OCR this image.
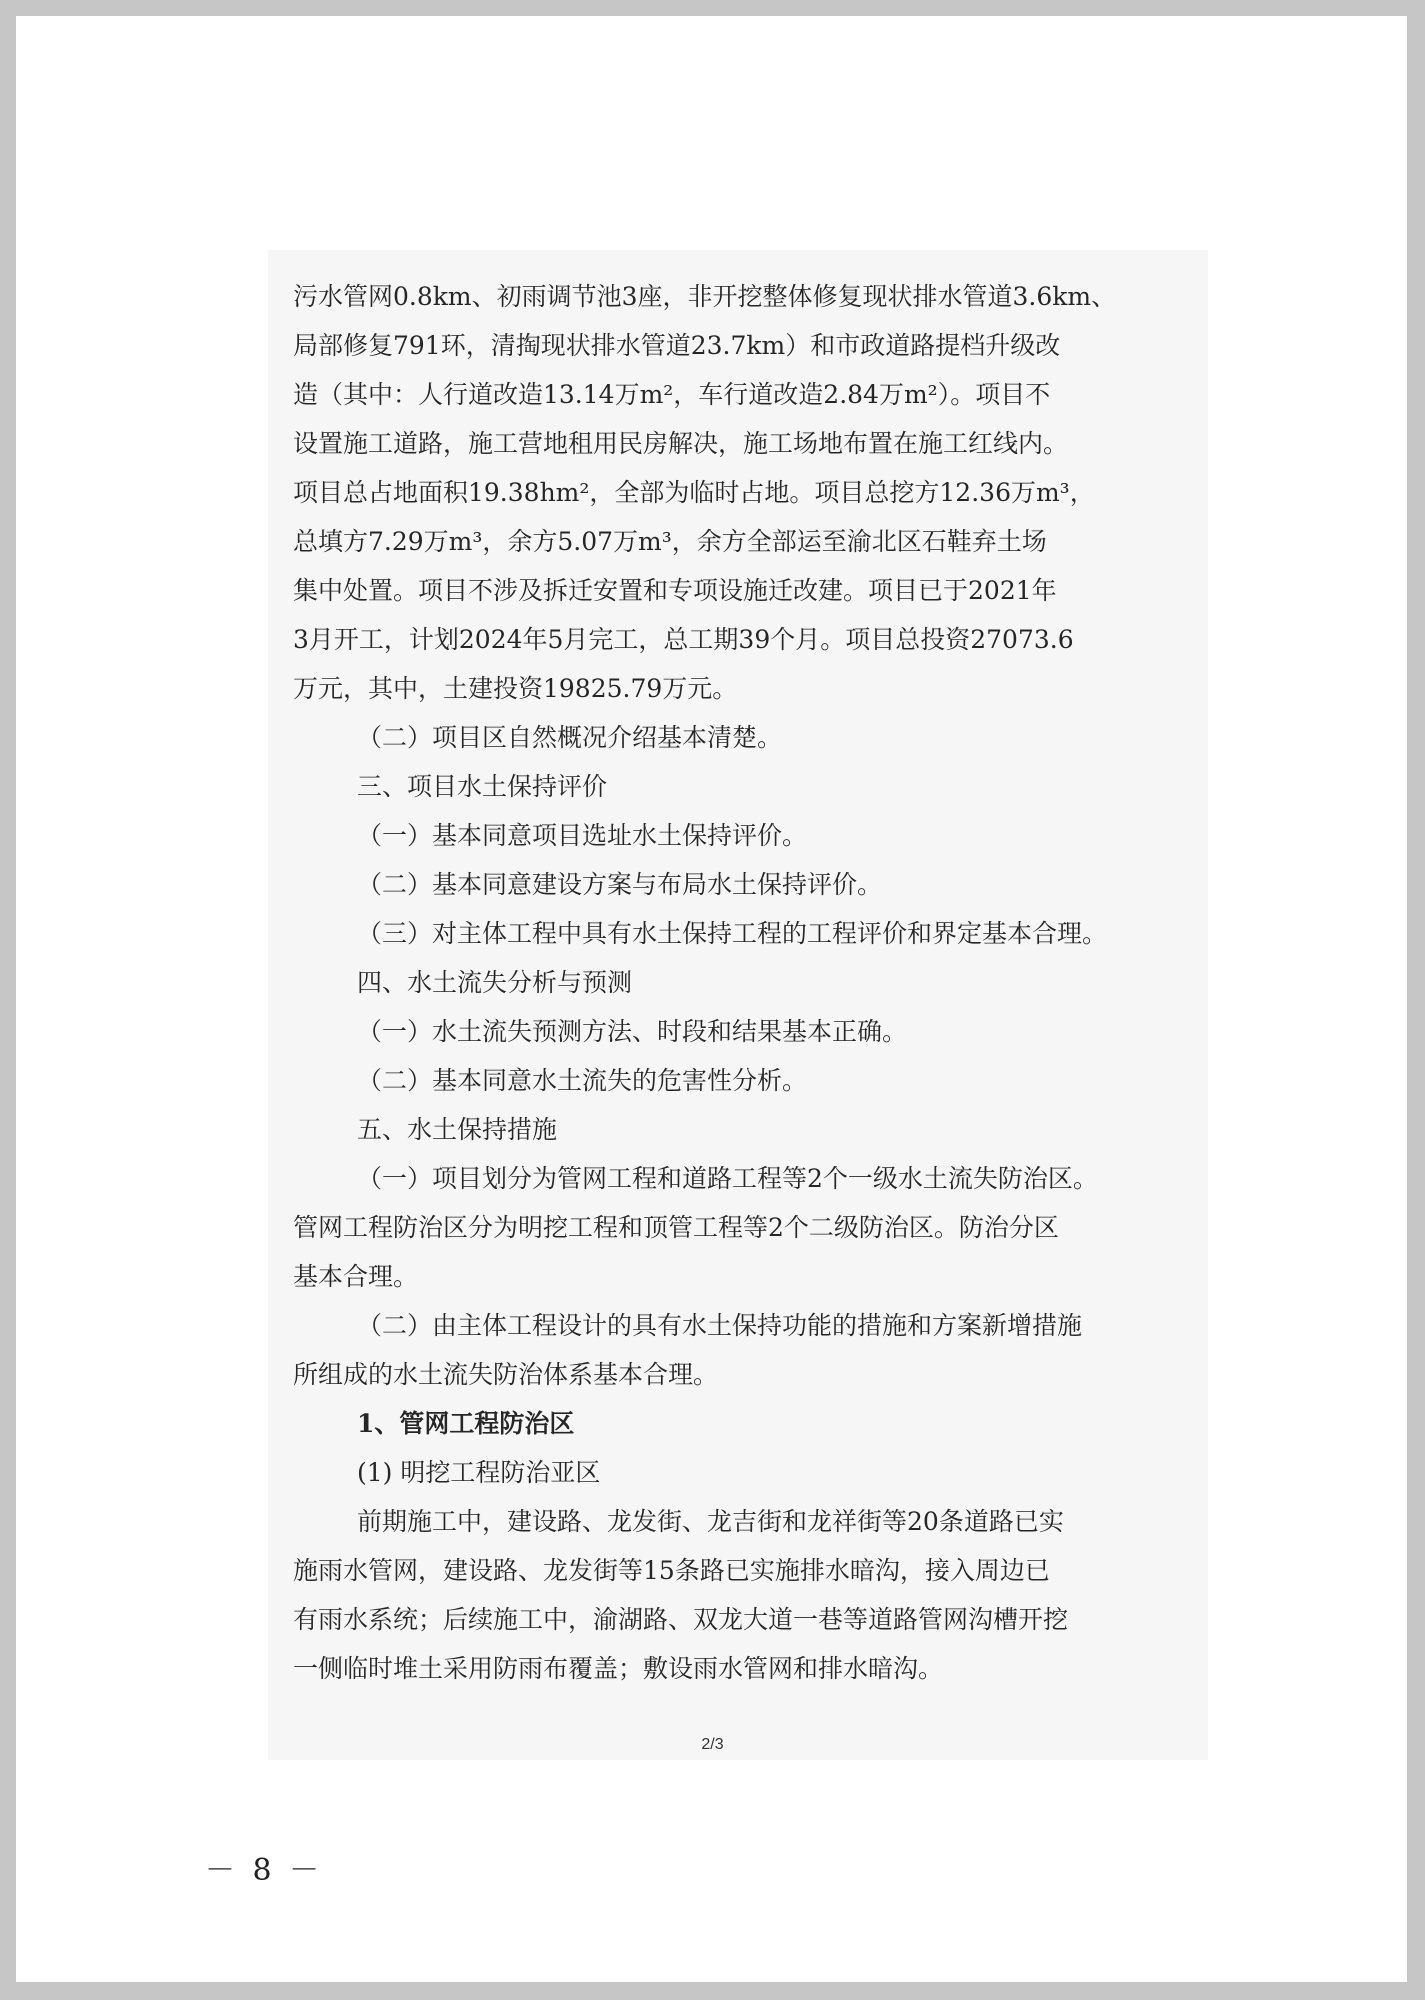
污水管网0.8km、初雨调节池3座，非开挖整体修复现状排水管道3.6km、

局部修复791环，清掏现状排水管道23.7km）和市政道路提档升级改

造（其中：人行道改造13.14万m²，车行道改造2.84万m²）。项目不

设置施工道路，施工营地租用民房解决，施工场地布置在施工红线内。

项目总占地面积19.38hm²，全部为临时占地。项目总挖方12.36万m³，

总填方7.29万m³，余方5.07万m³，余方全部运至渝北区石鞋弃土场

集中处置。项目不涉及拆迁安置和专项设施迁改建。项目已于2021年

3月开工，计划2024年5月完工，总工期39个月。项目总投资27073.6

万元，其中，土建投资19825.79万元。

（二）项目区自然概况介绍基本清楚。

三、项目水土保持评价

（一）基本同意项目选址水土保持评价。

（二）基本同意建设方案与布局水土保持评价。

（三）对主体工程中具有水土保持工程的工程评价和界定基本合理。

四、水土流失分析与预测

（一）水土流失预测方法、时段和结果基本正确。

（二）基本同意水土流失的危害性分析。

五、水土保持措施

（一）项目划分为管网工程和道路工程等2个一级水土流失防治区。

管网工程防治区分为明挖工程和顶管工程等2个二级防治区。防治分区

基本合理。

（二）由主体工程设计的具有水土保持功能的措施和方案新增措施

所组成的水土流失防治体系基本合理。

1、管网工程防治区

(1) 明挖工程防治亚区

前期施工中，建设路、龙发街、龙吉街和龙祥街等20条道路已实

施雨水管网，建设路、龙发街等15条路已实施排水暗沟，接入周边已

有雨水系统；后续施工中，渝湖路、双龙大道一巷等道路管网沟槽开挖

一侧临时堆土采用防雨布覆盖；敷设雨水管网和排水暗沟。

2/3
－ 8 －
